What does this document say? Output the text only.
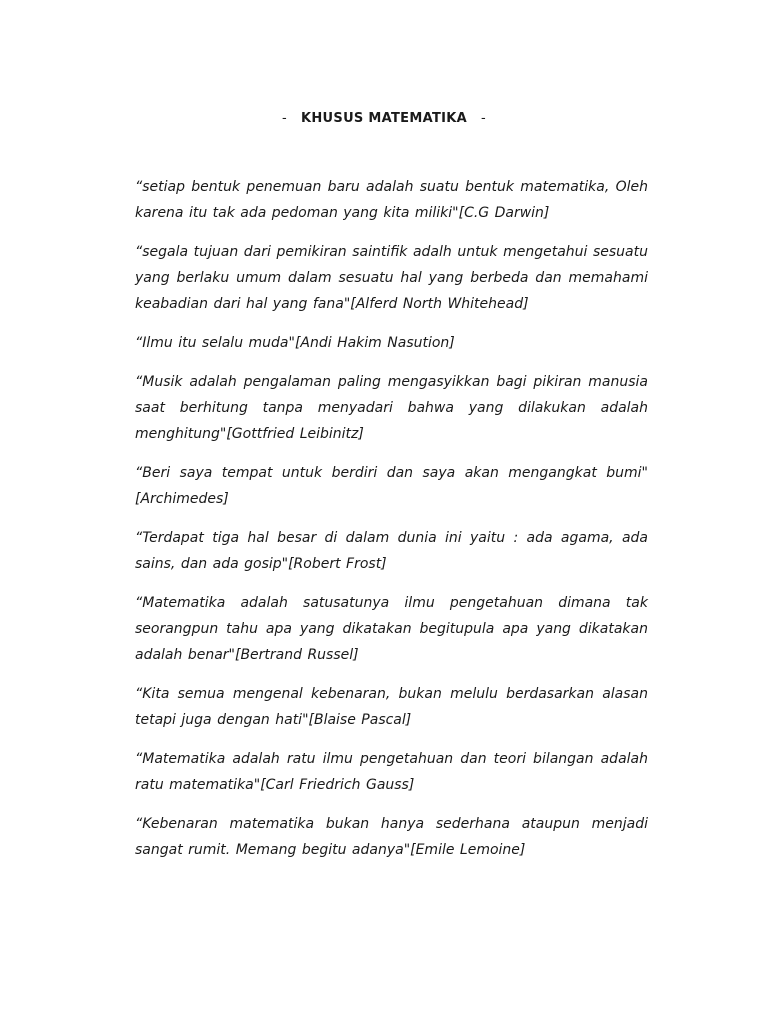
- KHUSUS MATEMATIKA -

“setiap bentuk penemuan baru adalah suatu bentuk matematika, Oleh karena itu tak ada pedoman yang kita miliki"[C.G Darwin]

“segala tujuan dari pemikiran saintifik adalh untuk mengetahui sesuatu yang berlaku umum dalam sesuatu hal yang berbeda dan memahami keabadian dari hal yang fana"[Alferd North Whitehead]

“Ilmu itu selalu muda"[Andi Hakim Nasution]

“Musik adalah pengalaman paling mengasyikkan bagi pikiran manusia saat berhitung tanpa menyadari bahwa yang dilakukan adalah menghitung"[Gottfried Leibinitz]

“Beri saya tempat untuk berdiri dan saya akan mengangkat bumi"[Archimedes]

“Terdapat tiga hal besar di dalam dunia ini yaitu : ada agama, ada sains, dan ada gosip"[Robert Frost]

“Matematika adalah satusatunya ilmu pengetahuan dimana tak seorangpun tahu apa yang dikatakan begitupula apa yang dikatakan adalah benar"[Bertrand Russel]

“Kita semua mengenal kebenaran, bukan melulu berdasarkan alasan tetapi juga dengan hati"[Blaise Pascal]

“Matematika adalah ratu ilmu pengetahuan dan teori bilangan adalah ratu matematika"[Carl Friedrich Gauss]

“Kebenaran matematika bukan hanya sederhana ataupun menjadi sangat rumit. Memang begitu adanya"[Emile Lemoine]
